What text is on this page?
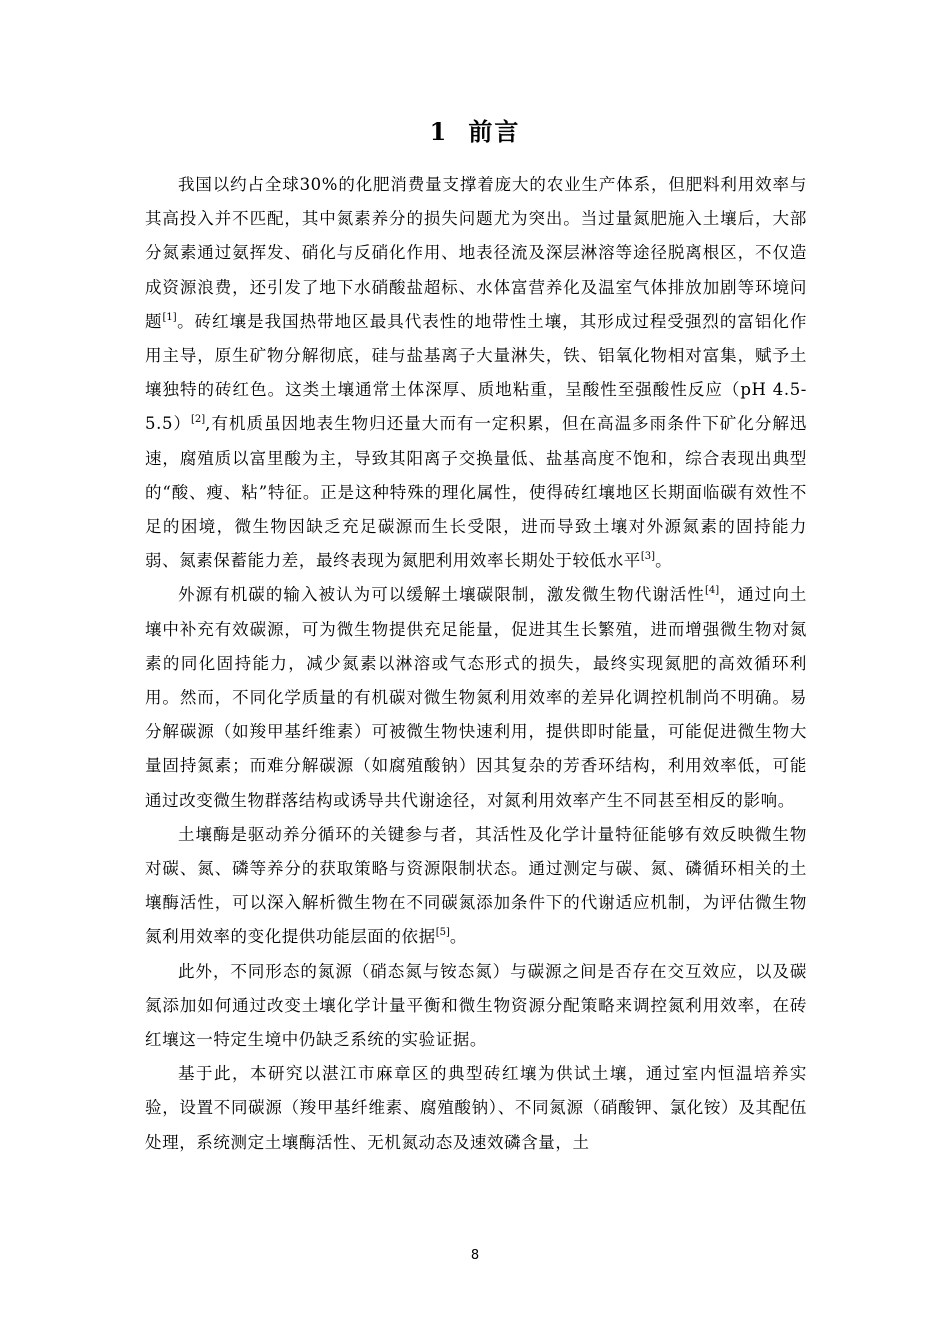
1 前言

我国以约占全球30%的化肥消费量支撑着庞大的农业生产体系，但肥料利用效率与其高投入并不匹配，其中氮素养分的损失问题尤为突出。当过量氮肥施入土壤后，大部分氮素通过氨挥发、硝化与反硝化作用、地表径流及深层淋溶等途径脱离根区，不仅造成资源浪费，还引发了地下水硝酸盐超标、水体富营养化及温室气体排放加剧等环境问题[1]。砖红壤是我国热带地区最具代表性的地带性土壤，其形成过程受强烈的富铝化作用主导，原生矿物分解彻底，硅与盐基离子大量淋失，铁、铝氧化物相对富集，赋予土壤独特的砖红色。这类土壤通常土体深厚、质地粘重，呈酸性至强酸性反应（pH 4.5-5.5）[2],有机质虽因地表生物归还量大而有一定积累，但在高温多雨条件下矿化分解迅速，腐殖质以富里酸为主，导致其阳离子交换量低、盐基高度不饱和，综合表现出典型的“酸、瘦、粘”特征。正是这种特殊的理化属性，使得砖红壤地区长期面临碳有效性不足的困境，微生物因缺乏充足碳源而生长受限，进而导致土壤对外源氮素的固持能力弱、氮素保蓄能力差，最终表现为氮肥利用效率长期处于较低水平[3]。

外源有机碳的输入被认为可以缓解土壤碳限制，激发微生物代谢活性[4]，通过向土壤中补充有效碳源，可为微生物提供充足能量，促进其生长繁殖，进而增强微生物对氮素的同化固持能力，减少氮素以淋溶或气态形式的损失，最终实现氮肥的高效循环利用。然而，不同化学质量的有机碳对微生物氮利用效率的差异化调控机制尚不明确。易分解碳源（如羧甲基纤维素）可被微生物快速利用，提供即时能量，可能促进微生物大量固持氮素；而难分解碳源（如腐殖酸钠）因其复杂的芳香环结构，利用效率低，可能通过改变微生物群落结构或诱导共代谢途径，对氮利用效率产生不同甚至相反的影响。

土壤酶是驱动养分循环的关键参与者，其活性及化学计量特征能够有效反映微生物对碳、氮、磷等养分的获取策略与资源限制状态。通过测定与碳、氮、磷循环相关的土壤酶活性，可以深入解析微生物在不同碳氮添加条件下的代谢适应机制，为评估微生物氮利用效率的变化提供功能层面的依据[5]。

此外，不同形态的氮源（硝态氮与铵态氮）与碳源之间是否存在交互效应，以及碳氮添加如何通过改变土壤化学计量平衡和微生物资源分配策略来调控氮利用效率，在砖红壤这一特定生境中仍缺乏系统的实验证据。

基于此，本研究以湛江市麻章区的典型砖红壤为供试土壤，通过室内恒温培养实验，设置不同碳源（羧甲基纤维素、腐殖酸钠）、不同氮源（硝酸钾、氯化铵）及其配伍处理，系统测定土壤酶活性、无机氮动态及速效磷含量，土

8
